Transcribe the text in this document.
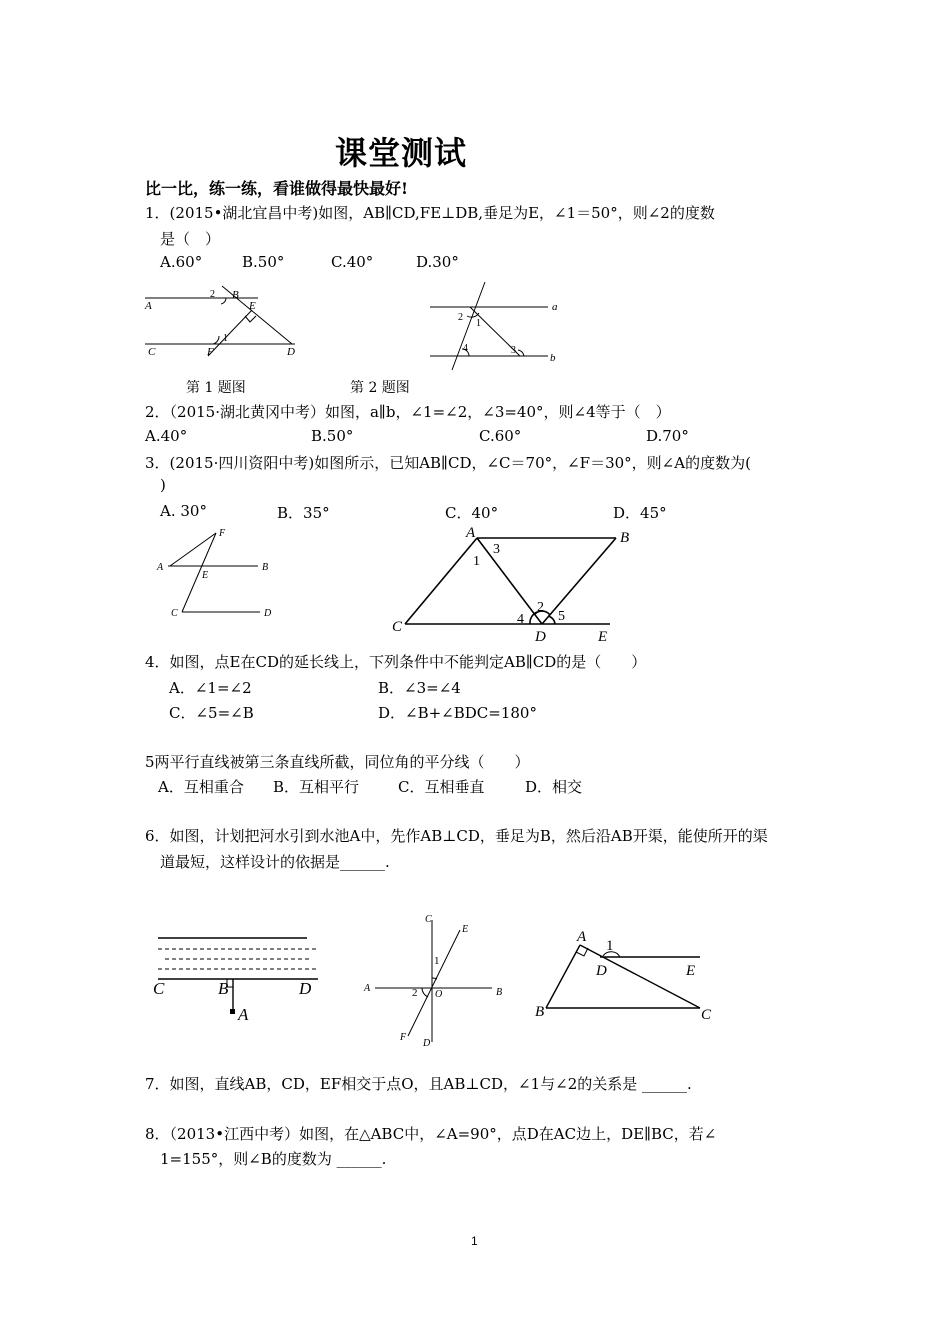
课堂测试
比一比，练一练，看谁做得最快最好!
1．(2015•湖北宜昌中考)如图，AB∥CD,FE⊥DB,垂足为E，∠1＝50°，则∠2的度数
是（　）
A.60°	B.50°	C.40°	D.30°
A
B
E
C	F	D
1
2
a
b
1
2
3
4
第 1 题图	第 2 题图
2．（2015·湖北黄冈中考）如图，a∥b，∠1=∠2，∠3=40°，则∠4等于（　）
A.40°	B.50°	C.60°	D.70°
3．(2015·四川资阳中考)如图所示，已知AB∥CD，∠C＝70°，∠F＝30°，则∠A的度数为(
)
A. 30°	B．35°	C．40°	D．45°
F
A
E
B
C	D
A	B
C
D	E
1
2
3
4 5
4．如图，点E在CD的延长线上，下列条件中不能判定AB∥CD的是（　　）
A．∠1=∠2	B．∠3=∠4
C．∠5=∠B	D．∠B+∠BDC=180°
5两平行直线被第三条直线所截，同位角的平分线（　　）
A．互相重合 B．互相平行	C．互相垂直	D．相交
6．如图，计划把河水引到水池A中，先作AB⊥CD，垂足为B，然后沿AB开渠，能使所开的渠
道最短，这样设计的依据是______.
C	B	D
A
C
E
A
O	B
F
D
1
2
A
D	E
B	C
1
7．如图，直线AB，CD，EF相交于点O，且AB⊥CD，∠1与∠2的关系是 ______.
8．（2013•江西中考）如图，在△ABC中，∠A=90°，点D在AC边上，DE∥BC，若∠
1=155°，则∠B的度数为 ______.
1
